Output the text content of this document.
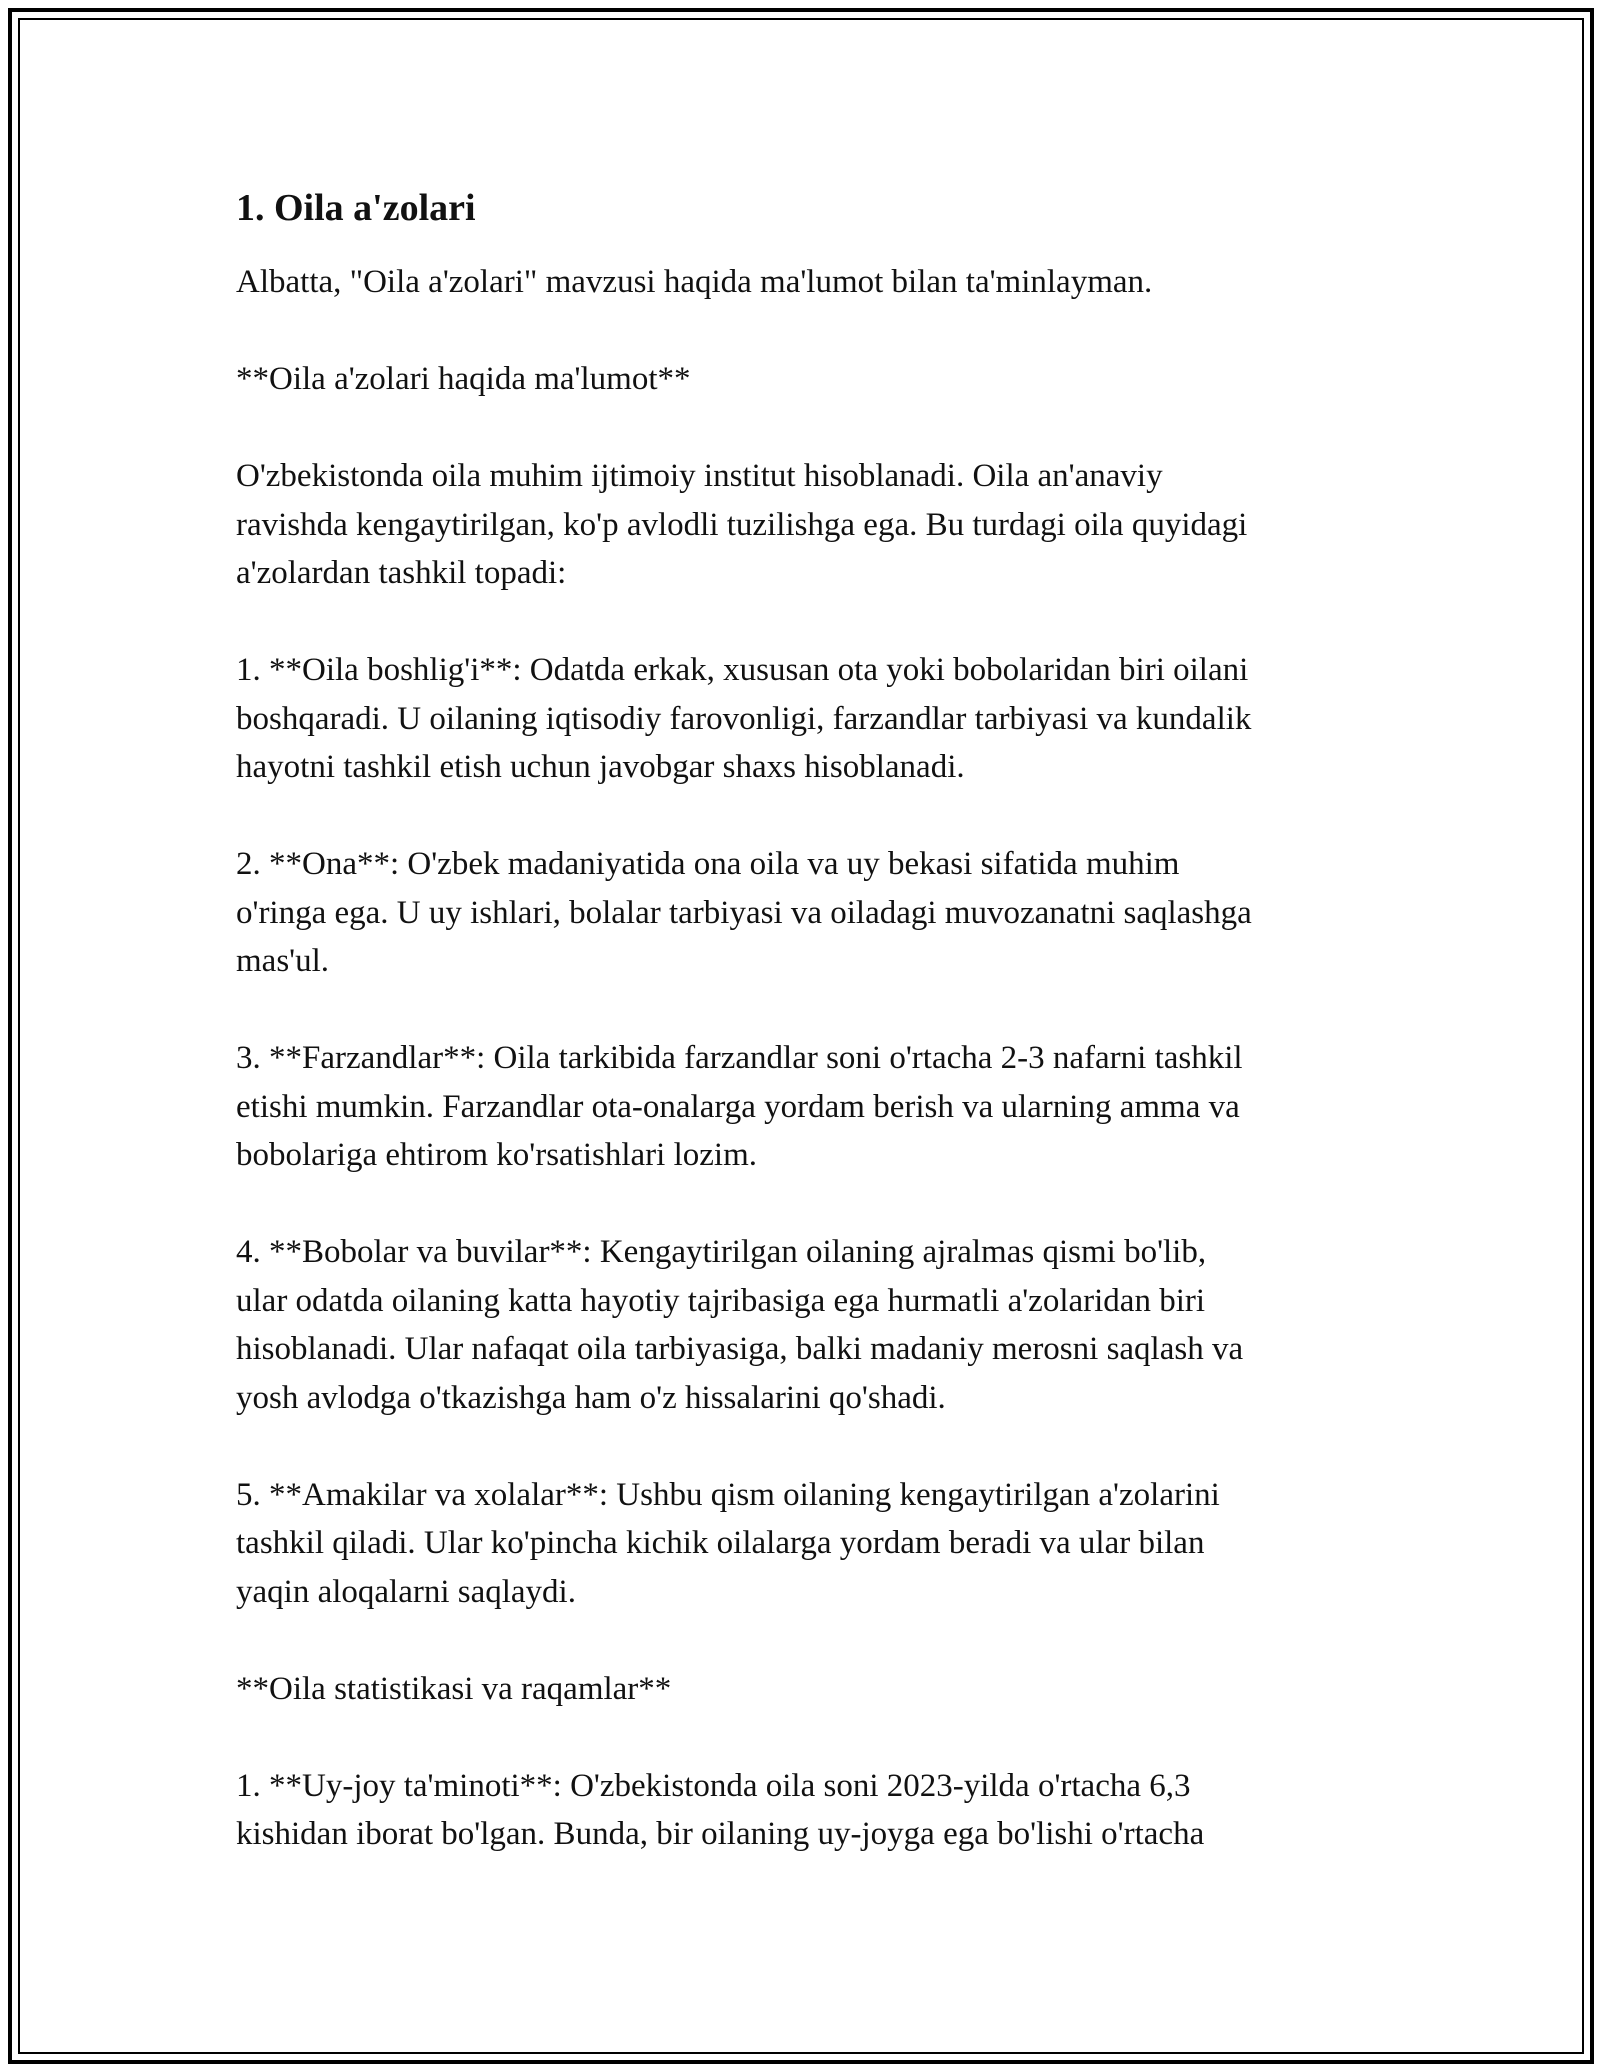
1. Oila a'zolari

Albatta, "Oila a'zolari" mavzusi haqida ma'lumot bilan ta'minlayman.

**Oila a'zolari haqida ma'lumot**

O'zbekistonda oila muhim ijtimoiy institut hisoblanadi. Oila an'anaviy
ravishda kengaytirilgan, ko'p avlodli tuzilishga ega. Bu turdagi oila quyidagi
a'zolardan tashkil topadi:

1. **Oila boshlig'i**: Odatda erkak, xususan ota yoki bobolaridan biri oilani
boshqaradi. U oilaning iqtisodiy farovonligi, farzandlar tarbiyasi va kundalik
hayotni tashkil etish uchun javobgar shaxs hisoblanadi.

2. **Ona**: O'zbek madaniyatida ona oila va uy bekasi sifatida muhim
o'ringa ega. U uy ishlari, bolalar tarbiyasi va oiladagi muvozanatni saqlashga
mas'ul.

3. **Farzandlar**: Oila tarkibida farzandlar soni o'rtacha 2-3 nafarni tashkil
etishi mumkin. Farzandlar ota-onalarga yordam berish va ularning amma va
bobolariga ehtirom ko'rsatishlari lozim.

4. **Bobolar va buvilar**: Kengaytirilgan oilaning ajralmas qismi bo'lib,
ular odatda oilaning katta hayotiy tajribasiga ega hurmatli a'zolaridan biri
hisoblanadi. Ular nafaqat oila tarbiyasiga, balki madaniy merosni saqlash va
yosh avlodga o'tkazishga ham o'z hissalarini qo'shadi.

5. **Amakilar va xolalar**: Ushbu qism oilaning kengaytirilgan a'zolarini
tashkil qiladi. Ular ko'pincha kichik oilalarga yordam beradi va ular bilan
yaqin aloqalarni saqlaydi.

**Oila statistikasi va raqamlar**

1. **Uy-joy ta'minoti**: O'zbekistonda oila soni 2023-yilda o'rtacha 6,3
kishidan iborat bo'lgan. Bunda, bir oilaning uy-joyga ega bo'lishi o'rtacha
